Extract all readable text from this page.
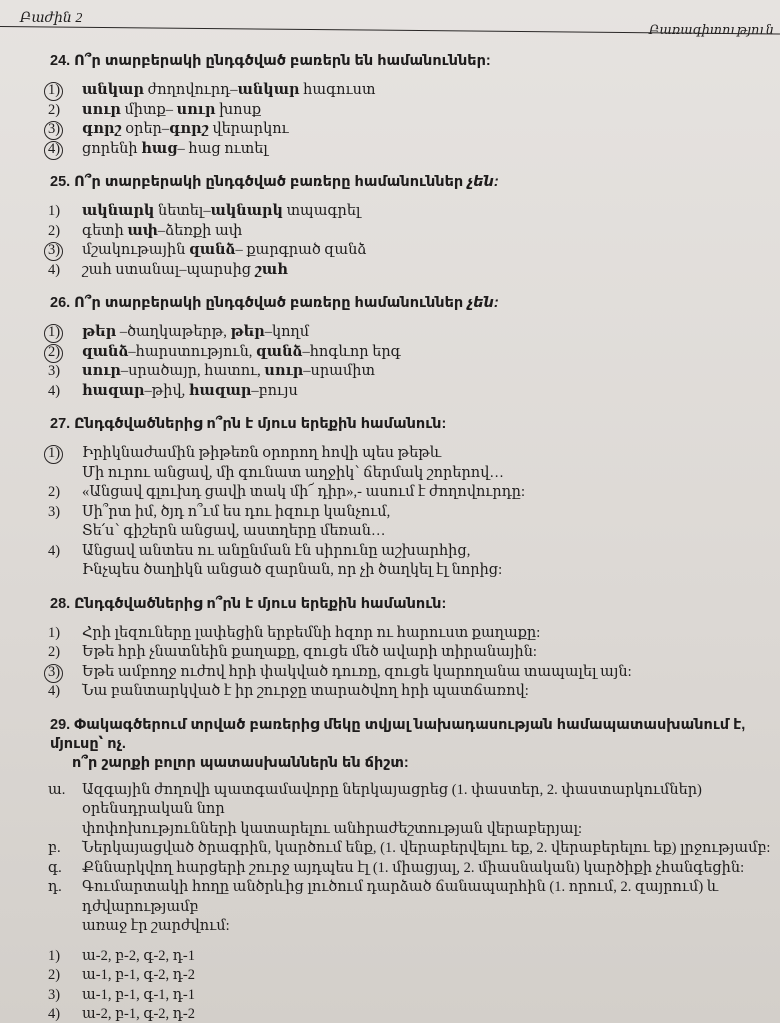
Բաժին 2
Բառագիտություն
24. Ո՞ր տարբերակի ընդգծված բառերն են համանուններ:
1)	անկար ժողովուրդ–անկար հագուստ
2)	սուր միտք– սուր խոսք
3)	գորշ օրեր–գորշ վերարկու
4)	ցորենի հաց– հաց ուտել
25. Ո՞ր տարբերակի ընդգծված բառերը համանուններ չեն:
1)	ակնարկ նետել–ակնարկ տպագրել
2)	գետի ափ–ձեռքի ափ
3)	մշակութային զանձ– քարգրած զանձ
4)	շահ ստանալ–պարսից շահ
26. Ո՞ր տարբերակի ընդգծված բառերը համանուններ չեն:
1)	թեր –ծաղկաթերթ, թեր–կողմ
2)	զանձ–հարստություն, զանձ–հոգևոր երգ
3)	սուր–սրածայր, հատու, սուր–սրամիտ
4)	հազար–թիվ, հազար–բույս
27. Ընդգծվածներից ո՞րն է մյուս երեքին համանուն:
1)	Իրիկնաժամին թիթեռն օրորող հովի պես թեթև
Մի ուրու անցավ, մի գունատ աղջիկ՝ ճերմակ շորերով…
2)	«Անցավ գլուխդ ցավի տակ մի՜ դիր»,- ասում է ժողովուրդը:
3)	Սի՞րտ իմ, ծյդ ո՞ւմ ես դու իզուր կանչում,
Տե՛ս՝ գիշերն անցավ, աստղերը մեռան…
4)	Անցավ անտես ու անընման էն սիրունը աշխարհից,
Ինչպես ծաղիկն անցած զարնան, որ չի ծաղկել էլ նորից:
28. Ընդգծվածներից ո՞րն է մյուս երեքին համանուն:
1)	Հրի լեզուները լափեցին երբեմնի հզոր ու հարուստ քաղաքը:
2)	Եթե հրի չնատնեին քաղաքը, զուցե մեծ ավարի տիրանային:
3)	Եթե ամբողջ ուժով հրի փակված դուռը, զուցե կարողանա տապալել այն:
4)	Նա բանտարկված է իր շուրջը տարածվող հրի պատճառով:
29. Փակագծերում տրված բառերից մեկը տվյալ նախադասության համապատասխանում է, մյուսը՝ ոչ.
ո՞ր շարքի բոլոր պատասխաններն են ճիշտ:
ա. Ազգային ժողովի պատգամավորը ներկայացրեց (1. փաստեր, 2. փաստարկումներ) օրենսդրական նոր
փոփոխությունների կատարելու անհրաժեշտության վերաբերյալ:
բ. Ներկայացված ծրագրին, կարծում ենք, (1. վերաբերվելու եք, 2. վերաբերելու եք) լրջությամբ:
գ. Քննարկվող հարցերի շուրջ այդպես էլ (1. միացյալ, 2. միասնական) կարծիքի չհանգեցին:
դ. Գումարտակի հողը անծրևից լուծում դարձած ճանապարհին (1. որում, 2. զայրում) և դժվարությամբ
առաջ էր շարժվում:
1)	ա-2, բ-2, գ-2, դ-1
2)	ա-1, բ-1, գ-2, դ-2
3)	ա-1, բ-1, գ-1, դ-1
4)	ա-2, բ-1, գ-2, դ-2
